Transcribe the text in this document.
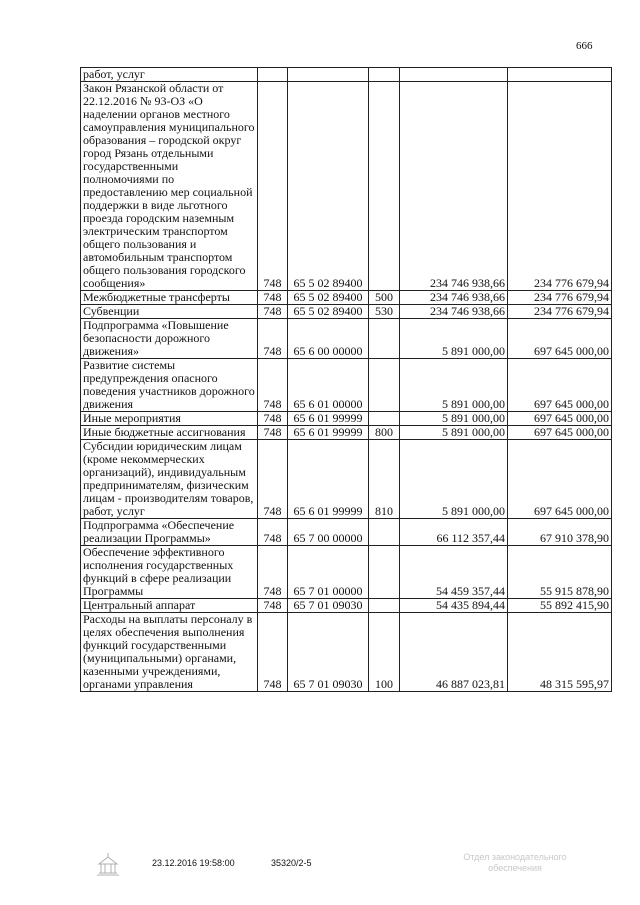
666
работ, услуг					
Закон Рязанской области от 22.12.2016 № 93-ОЗ «О наделении органов местного самоуправления муниципального образования – городской округ город Рязань отдельными государственными полномочиями по предоставлению мер социальной поддержки в виде льготного проезда городским наземным электрическим транспортом общего пользования и автомобильным транспортом общего пользования городского сообщения»	748	65 5 02 89400		234 746 938,66	234 776 679,94
Межбюджетные трансферты	748	65 5 02 89400	500	234 746 938,66	234 776 679,94
Субвенции	748	65 5 02 89400	530	234 746 938,66	234 776 679,94
Подпрограмма «Повышение безопасности дорожного движения»	748	65 6 00 00000		5 891 000,00	697 645 000,00
Развитие системы предупреждения опасного поведения участников дорожного движения	748	65 6 01 00000		5 891 000,00	697 645 000,00
Иные мероприятия	748	65 6 01 99999		5 891 000,00	697 645 000,00
Иные бюджетные ассигнования	748	65 6 01 99999	800	5 891 000,00	697 645 000,00
Субсидии юридическим лицам (кроме некоммерческих организаций), индивидуальным предпринимателям, физическим лицам - производителям товаров, работ, услуг	748	65 6 01 99999	810	5 891 000,00	697 645 000,00
Подпрограмма «Обеспечение реализации Программы»	748	65 7 00 00000		66 112 357,44	67 910 378,90
Обеспечение эффективного исполнения государственных функций в сфере реализации Программы	748	65 7 01 00000		54 459 357,44	55 915 878,90
Центральный аппарат	748	65 7 01 09030		54 435 894,44	55 892 415,90
Расходы на выплаты персоналу в целях обеспечения выполнения функций государственными (муниципальными) органами, казенными учреждениями, органами управления	748	65 7 01 09030	100	46 887 023,81	48 315 595,97
23.12.2016 19:58:00	35320/2-5
Отдел законодательного обеспечения
